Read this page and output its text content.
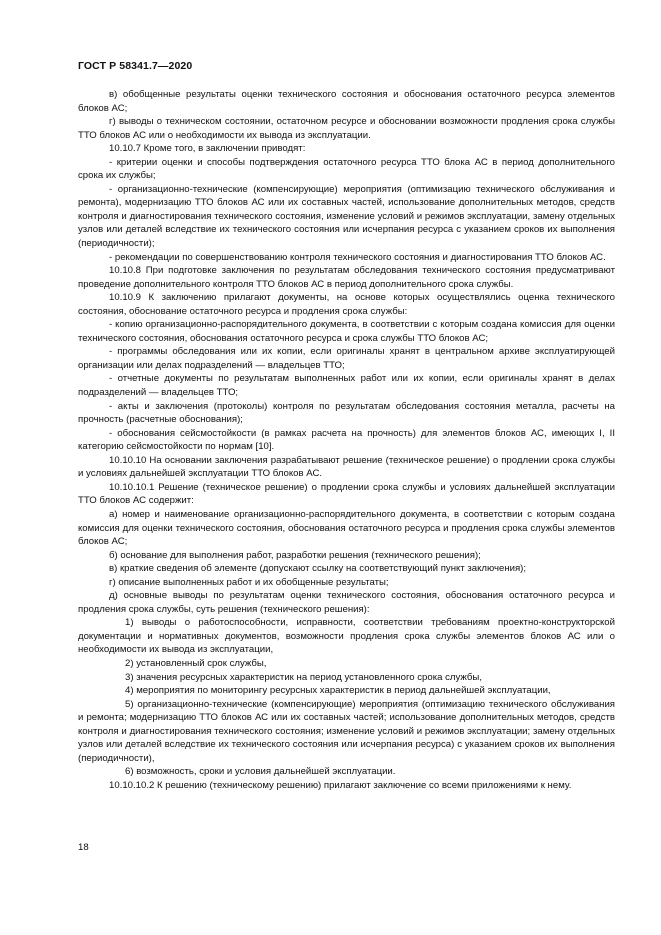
ГОСТ Р 58341.7—2020

в) обобщенные результаты оценки технического состояния и обоснования остаточного ресурса элементов блоков АС;

г) выводы о техническом состоянии, остаточном ресурсе и обосновании возможности продления срока службы ТТО блоков АС или о необходимости их вывода из эксплуатации.

10.10.7 Кроме того, в заключении приводят:

- критерии оценки и способы подтверждения остаточного ресурса ТТО блока АС в период дополнительного срока их службы;

- организационно-технические (компенсирующие) мероприятия (оптимизацию технического обслуживания и ремонта), модернизацию ТТО блоков АС или их составных частей, использование дополнительных методов, средств контроля и диагностирования технического состояния, изменение условий и режимов эксплуатации, замену отдельных узлов или деталей вследствие их технического состояния или исчерпания ресурса с указанием сроков их выполнения (периодичности);

- рекомендации по совершенствованию контроля технического состояния и диагностирования ТТО блоков АС.

10.10.8 При подготовке заключения по результатам обследования технического состояния предусматривают проведение дополнительного контроля ТТО блоков АС в период дополнительного срока службы.

10.10.9 К заключению прилагают документы, на основе которых осуществлялись оценка технического состояния, обоснование остаточного ресурса и продления срока службы:

- копию организационно-распорядительного документа, в соответствии с которым создана комиссия для оценки технического состояния, обоснования остаточного ресурса и срока службы ТТО блоков АС;

- программы обследования или их копии, если оригиналы хранят в центральном архиве эксплуатирующей организации или делах подразделений — владельцев ТТО;

- отчетные документы по результатам выполненных работ или их копии, если оригиналы хранят в делах подразделений — владельцев ТТО;

- акты и заключения (протоколы) контроля по результатам обследования состояния металла, расчеты на прочность (расчетные обоснования);

- обоснования сейсмостойкости (в рамках расчета на прочность) для элементов блоков АС, имеющих I, II категорию сейсмостойкости по нормам [10].

10.10.10 На основании заключения разрабатывают решение (техническое решение) о продлении срока службы и условиях дальнейшей эксплуатации ТТО блоков АС.

10.10.10.1 Решение (техническое решение) о продлении срока службы и условиях дальнейшей эксплуатации ТТО блоков АС содержит:

а) номер и наименование организационно-распорядительного документа, в соответствии с которым создана комиссия для оценки технического состояния, обоснования остаточного ресурса и продления срока службы элементов блоков АС;

б) основание для выполнения работ, разработки решения (технического решения);

в) краткие сведения об элементе (допускают ссылку на соответствующий пункт заключения);

г) описание выполненных работ и их обобщенные результаты;

д) основные выводы по результатам оценки технического состояния, обоснования остаточного ресурса и продления срока службы, суть решения (технического решения):

1) выводы о работоспособности, исправности, соответствии требованиям проектно-конструкторской документации и нормативных документов, возможности продления срока службы элементов блоков АС или о необходимости их вывода из эксплуатации,

2) установленный срок службы,

3) значения ресурсных характеристик на период установленного срока службы,

4) мероприятия по мониторингу ресурсных характеристик в период дальнейшей эксплуатации,

5) организационно-технические (компенсирующие) мероприятия (оптимизацию технического обслуживания и ремонта; модернизацию ТТО блоков АС или их составных частей; использование дополнительных методов, средств контроля и диагностирования технического состояния; изменение условий и режимов эксплуатации; замену отдельных узлов или деталей вследствие их технического состояния или исчерпания ресурса) с указанием сроков их выполнения (периодичности),

6) возможность, сроки и условия дальнейшей эксплуатации.

10.10.10.2 К решению (техническому решению) прилагают заключение со всеми приложениями к нему.

18
